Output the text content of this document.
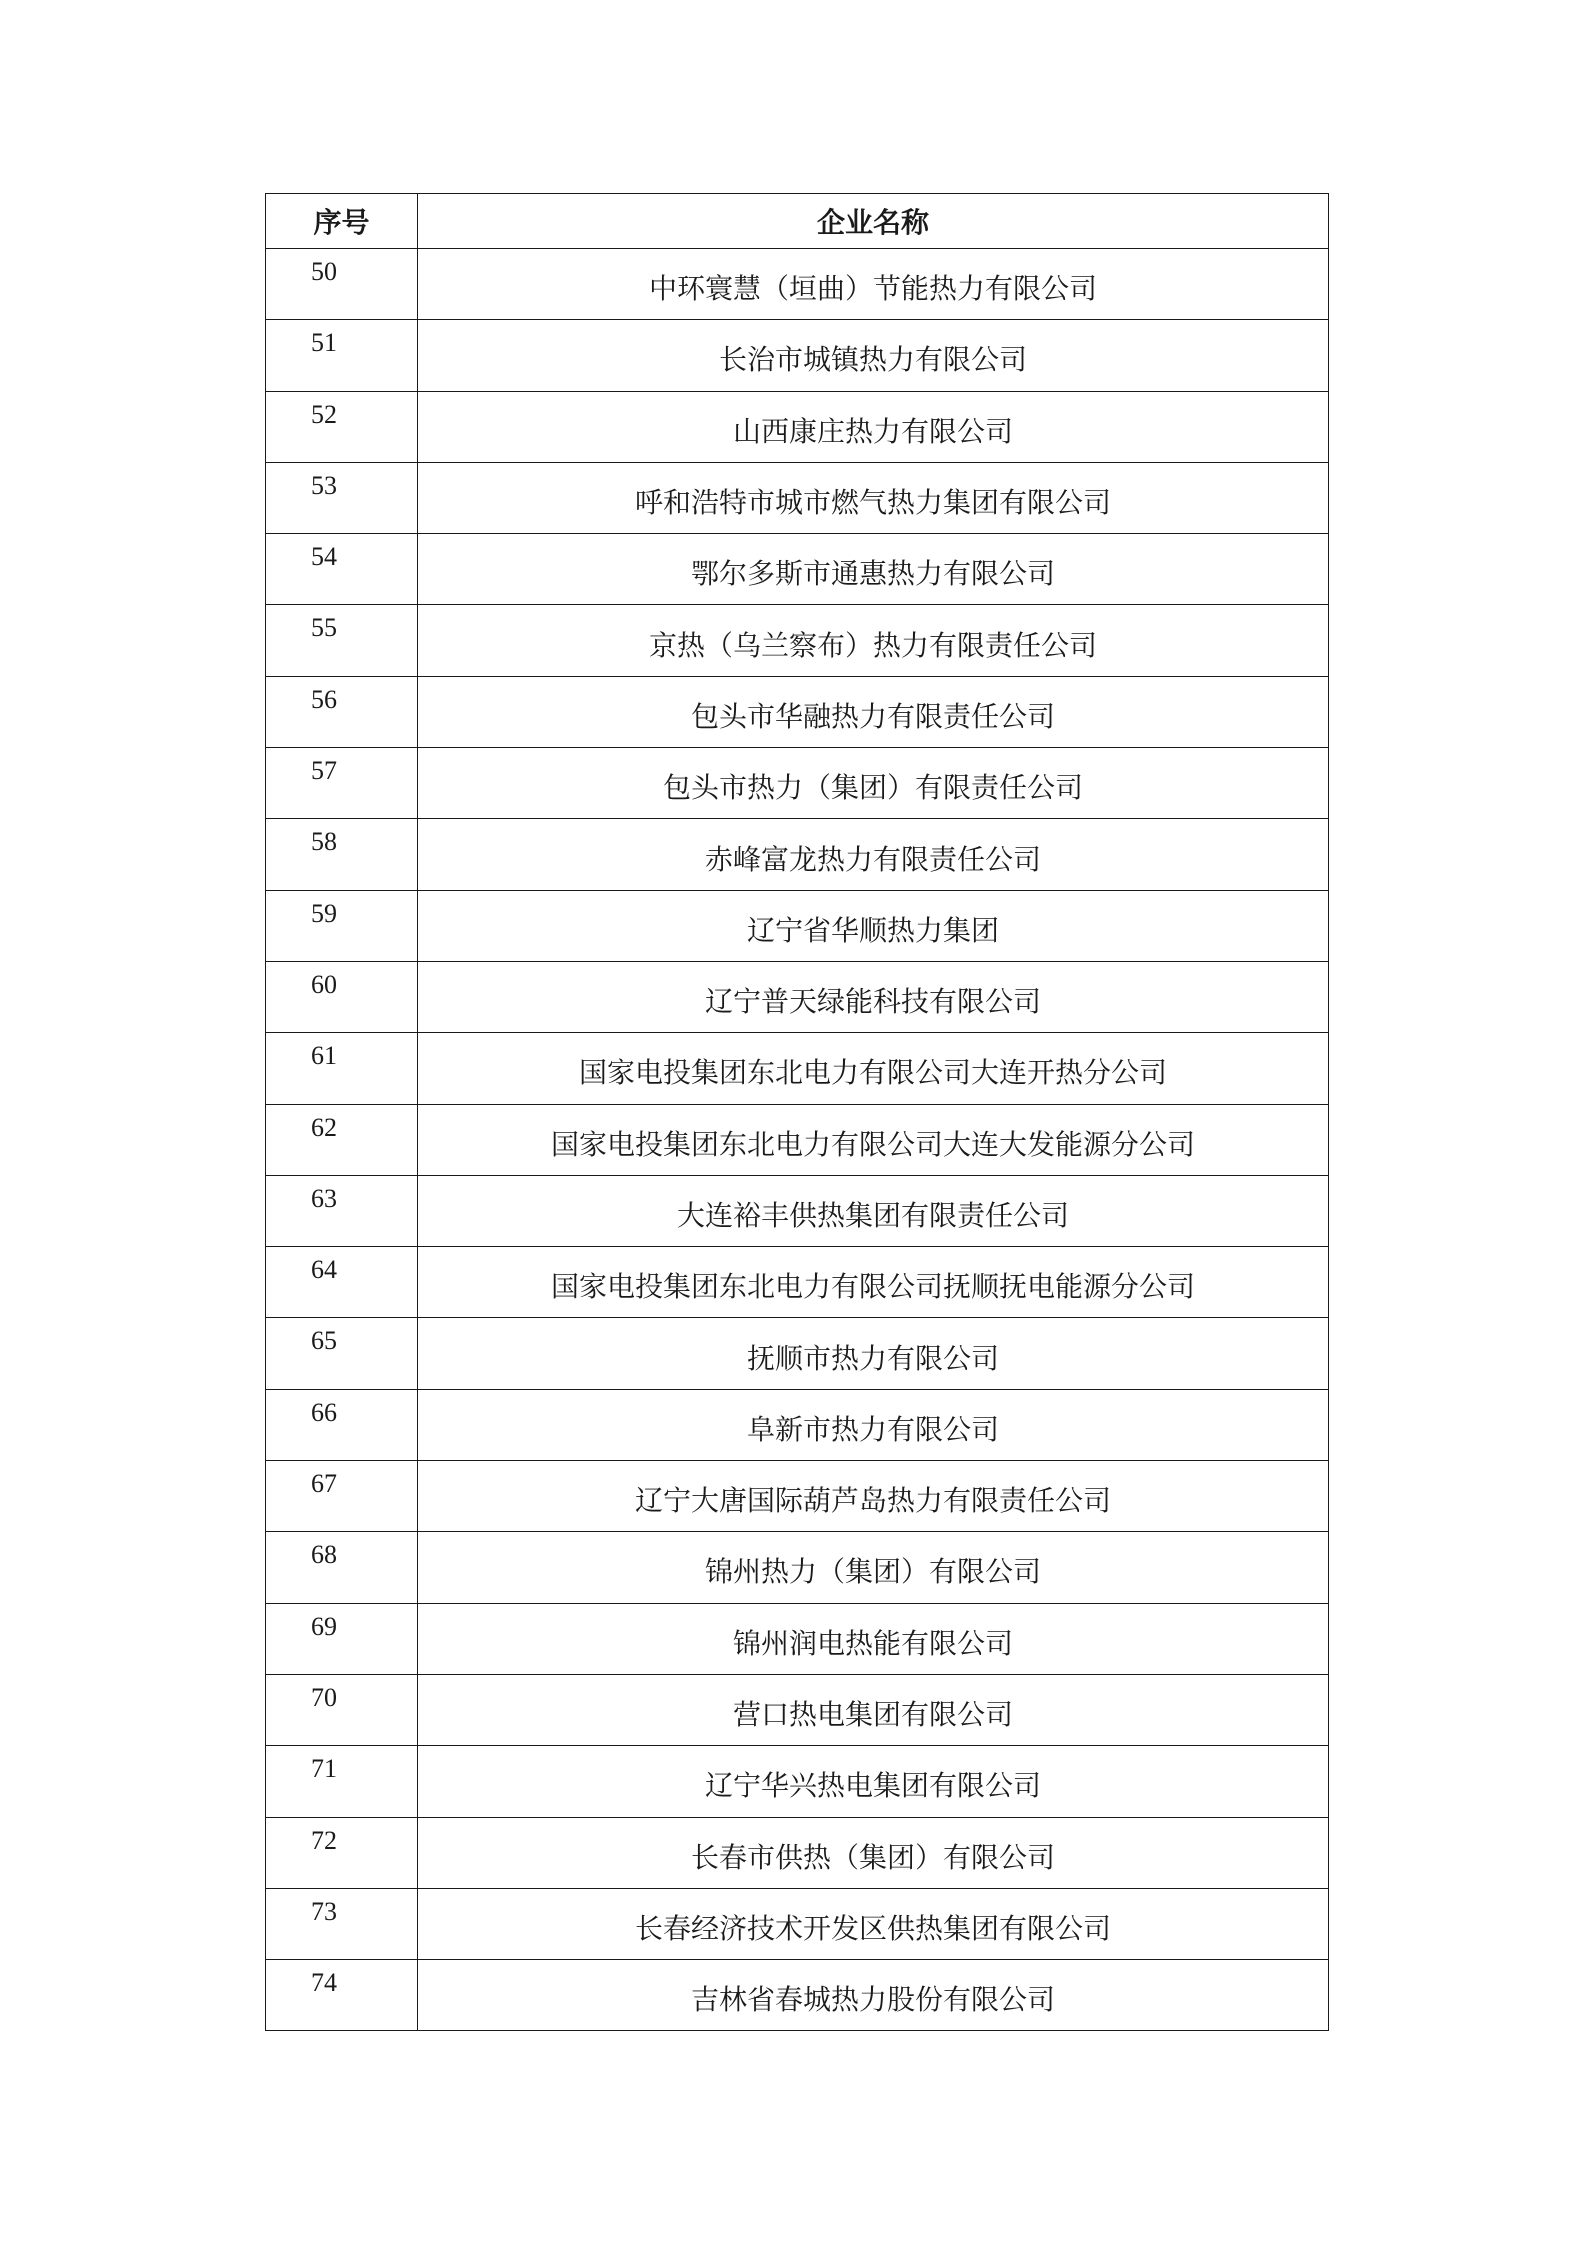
序号	企业名称
50	中环寰慧（垣曲）节能热力有限公司
51	长治市城镇热力有限公司
52	山西康庄热力有限公司
53	呼和浩特市城市燃气热力集团有限公司
54	鄂尔多斯市通惠热力有限公司
55	京热（乌兰察布）热力有限责任公司
56	包头市华融热力有限责任公司
57	包头市热力（集团）有限责任公司
58	赤峰富龙热力有限责任公司
59	辽宁省华顺热力集团
60	辽宁普天绿能科技有限公司
61	国家电投集团东北电力有限公司大连开热分公司
62	国家电投集团东北电力有限公司大连大发能源分公司
63	大连裕丰供热集团有限责任公司
64	国家电投集团东北电力有限公司抚顺抚电能源分公司
65	抚顺市热力有限公司
66	阜新市热力有限公司
67	辽宁大唐国际葫芦岛热力有限责任公司
68	锦州热力（集团）有限公司
69	锦州润电热能有限公司
70	营口热电集团有限公司
71	辽宁华兴热电集团有限公司
72	长春市供热（集团）有限公司
73	长春经济技术开发区供热集团有限公司
74	吉林省春城热力股份有限公司
